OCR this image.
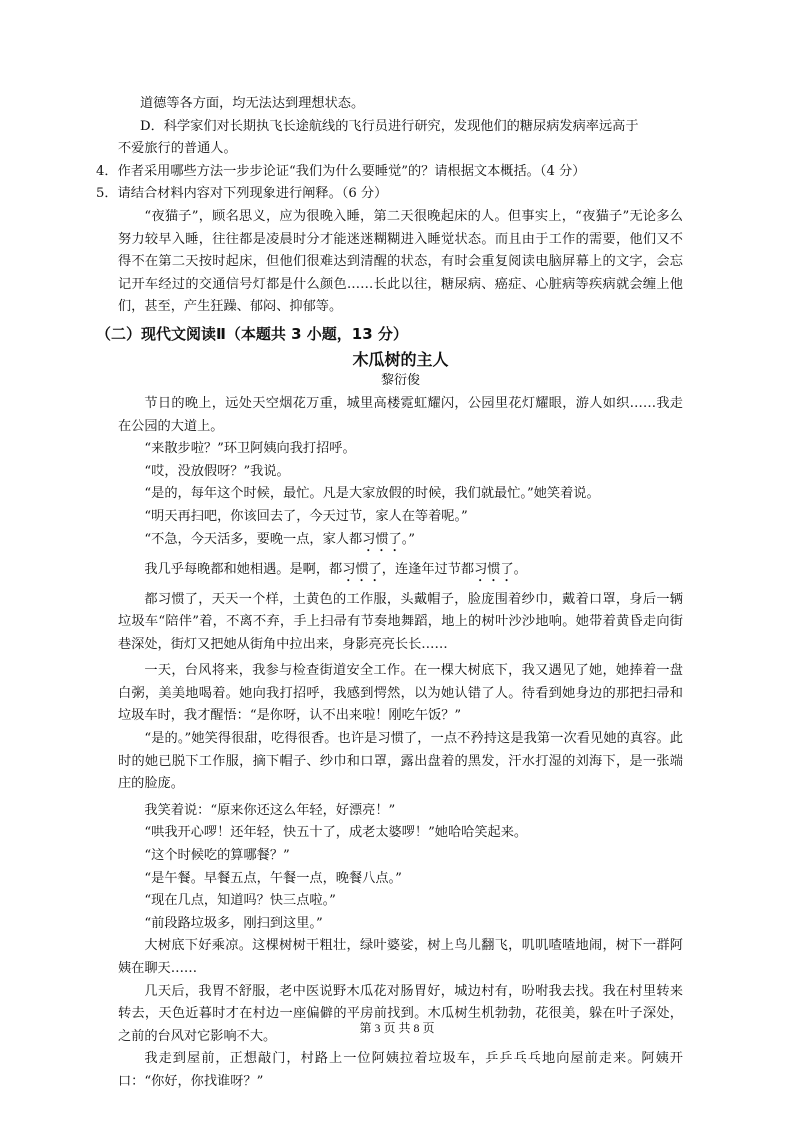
道德等各方面，均无法达到理想状态。

D．科学家们对长期执飞长途航线的飞行员进行研究，发现他们的糖尿病发病率远高于

不爱旅行的普通人。

4．作者采用哪些方法一步步论证“我们为什么要睡觉”的？请根据文本概括。（4 分）

5．请结合材料内容对下列现象进行阐释。（6 分）

“夜猫子”，顾名思义，应为很晚入睡，第二天很晚起床的人。但事实上，“夜猫子”无论多么努力较早入睡，往往都是凌晨时分才能迷迷糊糊进入睡觉状态。而且由于工作的需要，他们又不得不在第二天按时起床，但他们很难达到清醒的状态，有时会重复阅读电脑屏幕上的文字，会忘记开车经过的交通信号灯都是什么颜色……长此以往，糖尿病、癌症、心脏病等疾病就会缠上他们，甚至，产生狂躁、郁闷、抑郁等。

（二）现代文阅读Ⅱ（本题共 3 小题，13 分）

木瓜树的主人

黎衍俊

节日的晚上，远处天空烟花万重，城里高楼霓虹耀闪，公园里花灯耀眼，游人如织……我走在公园的大道上。

“来散步啦？”环卫阿姨向我打招呼。

“哎，没放假呀？”我说。

“是的，每年这个时候，最忙。凡是大家放假的时候，我们就最忙。”她笑着说。

“明天再扫吧，你该回去了，今天过节，家人在等着呢。”

“不急，今天活多，要晚一点，家人都习惯了。”

我几乎每晚都和她相遇。是啊，都习惯了，连逢年过节都习惯了。

都习惯了，天天一个样，土黄色的工作服，头戴帽子，脸庞围着纱巾，戴着口罩，身后一辆垃圾车“陪伴”着，不离不弃，手上扫帚有节奏地舞蹈，地上的树叶沙沙地响。她带着黄昏走向街巷深处，街灯又把她从街角中拉出来，身影亮亮长长……

一天，台风将来，我参与检查街道安全工作。在一棵大树底下，我又遇见了她，她捧着一盘白粥，美美地喝着。她向我打招呼，我感到愕然，以为她认错了人。待看到她身边的那把扫帚和垃圾车时，我才醒悟：“是你呀，认不出来啦！刚吃午饭？”

“是的。”她笑得很甜，吃得很香。也许是习惯了，一点不矜持这是我第一次看见她的真容。此时的她已脱下工作服，摘下帽子、纱巾和口罩，露出盘着的黑发，汗水打湿的刘海下，是一张端庄的脸庞。

我笑着说：“原来你还这么年轻，好漂亮！”

“哄我开心啰！还年轻，快五十了，成老太婆啰！”她哈哈笑起来。

“这个时候吃的算哪餐？”

“是午餐。早餐五点，午餐一点，晚餐八点。”

“现在几点，知道吗？快三点啦。”

“前段路垃圾多，刚扫到这里。”

大树底下好乘凉。这棵树树干粗壮，绿叶婆娑，树上鸟儿翻飞，叽叽喳喳地闹，树下一群阿姨在聊天……

几天后，我胃不舒服，老中医说野木瓜花对肠胃好，城边村有，吩咐我去找。我在村里转来转去，天色近暮时才在村边一座偏僻的平房前找到。木瓜树生机勃勃，花很美，躲在叶子深处，之前的台风对它影响不大。

我走到屋前，正想敲门，村路上一位阿姨拉着垃圾车，乒乒乓乓地向屋前走来。阿姨开口：“你好，你找谁呀？”

第 3 页 共 8 页
